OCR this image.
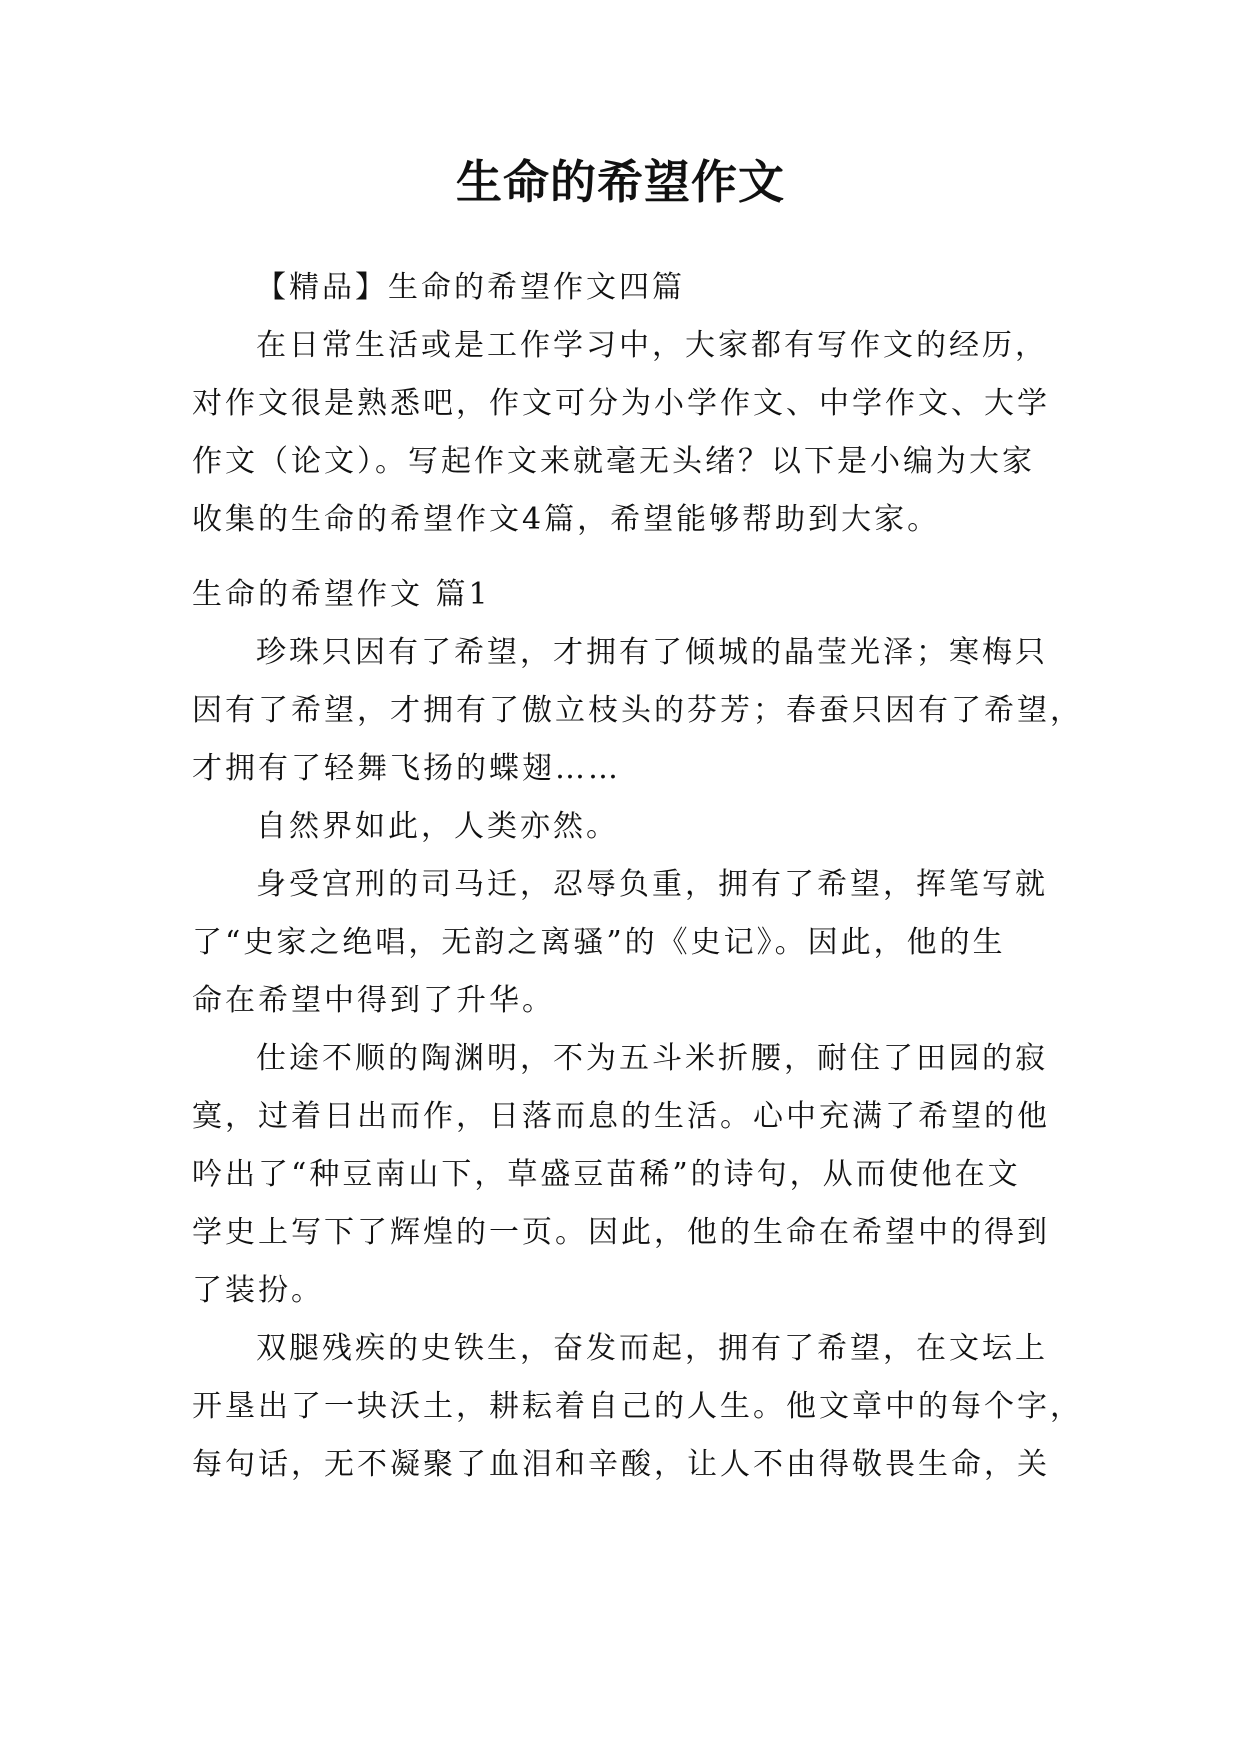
生命的希望作文
【精品】生命的希望作文四篇
在日常生活或是工作学习中，大家都有写作文的经历，
对作文很是熟悉吧，作文可分为小学作文、中学作文、大学
作文（论文）。写起作文来就毫无头绪？以下是小编为大家
收集的生命的希望作文4篇，希望能够帮助到大家。
生命的希望作文 篇1
珍珠只因有了希望，才拥有了倾城的晶莹光泽；寒梅只
因有了希望，才拥有了傲立枝头的芬芳；春蚕只因有了希望，
才拥有了轻舞飞扬的蝶翅……
自然界如此，人类亦然。
身受宫刑的司马迁，忍辱负重，拥有了希望，挥笔写就
了“史家之绝唱，无韵之离骚”的《史记》。因此，他的生
命在希望中得到了升华。
仕途不顺的陶渊明，不为五斗米折腰，耐住了田园的寂
寞，过着日出而作，日落而息的生活。心中充满了希望的他
吟出了“种豆南山下，草盛豆苗稀”的诗句，从而使他在文
学史上写下了辉煌的一页。因此，他的生命在希望中的得到
了装扮。
双腿残疾的史铁生，奋发而起，拥有了希望，在文坛上
开垦出了一块沃土，耕耘着自己的人生。他文章中的每个字，
每句话，无不凝聚了血泪和辛酸，让人不由得敬畏生命，关
